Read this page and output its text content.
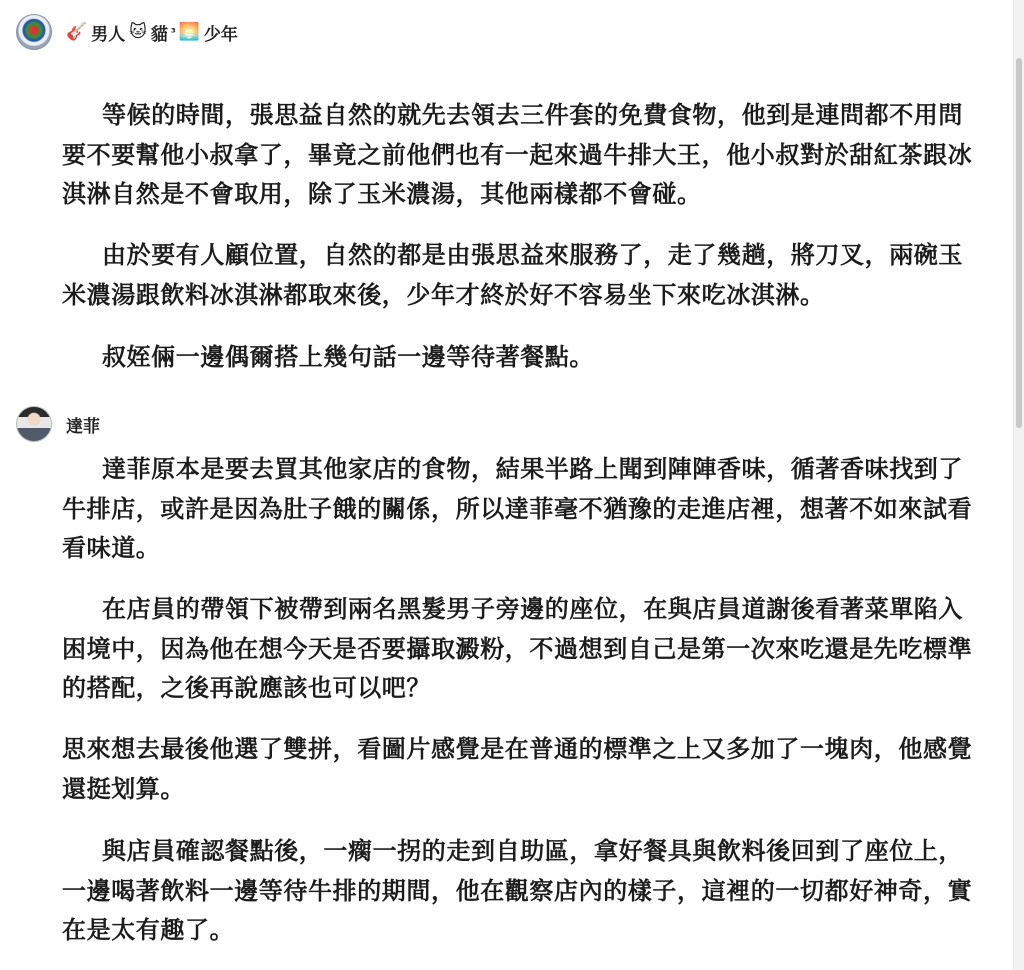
🎸 男人 🐱 貓 ³ 🌅 少年

等候的時間，張思益自然的就先去領去三件套的免費食物，他到是連問都不用問要不要幫他小叔拿了，畢竟之前他們也有一起來過牛排大王，他小叔對於甜紅茶跟冰淇淋自然是不會取用，除了玉米濃湯，其他兩樣都不會碰。

由於要有人顧位置，自然的都是由張思益來服務了，走了幾趟，將刀叉，兩碗玉米濃湯跟飲料冰淇淋都取來後，少年才終於好不容易坐下來吃冰淇淋。

叔姪倆一邊偶爾搭上幾句話一邊等待著餐點。

達菲

達菲原本是要去買其他家店的食物，結果半路上聞到陣陣香味，循著香味找到了牛排店，或許是因為肚子餓的關係，所以達菲毫不猶豫的走進店裡，想著不如來試看看味道。

在店員的帶領下被帶到兩名黑髮男子旁邊的座位，在與店員道謝後看著菜單陷入困境中，因為他在想今天是否要攝取澱粉，不過想到自己是第一次來吃還是先吃標準的搭配，之後再說應該也可以吧？

思來想去最後他選了雙拼，看圖片感覺是在普通的標準之上又多加了一塊肉，他感覺還挺划算。

與店員確認餐點後，一瘸一拐的走到自助區，拿好餐具與飲料後回到了座位上，一邊喝著飲料一邊等待牛排的期間，他在觀察店內的樣子，這裡的一切都好神奇，實在是太有趣了。
